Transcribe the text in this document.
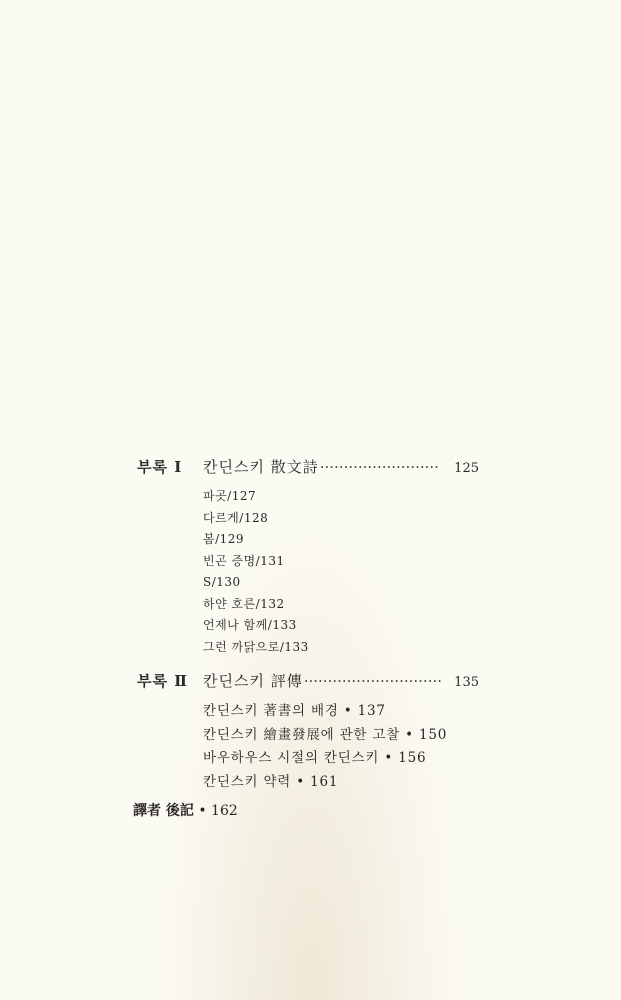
부록 Ⅰ	칸딘스키 散文詩 ·························	125
파곳/127
다르게/128
봄/129
빈곤 증명/131
S/130
하얀 호른/132
언제나 함께/133
그런 까닭으로/133
부록 Ⅱ	칸딘스키 評傳 ····························· 135
칸딘스키 著書의 배경 • 137
칸딘스키 繪畫發展에 관한 고찰 • 150
바우하우스 시절의 칸딘스키 • 156
칸딘스키 약력 • 161
譯者 後記 • 162
